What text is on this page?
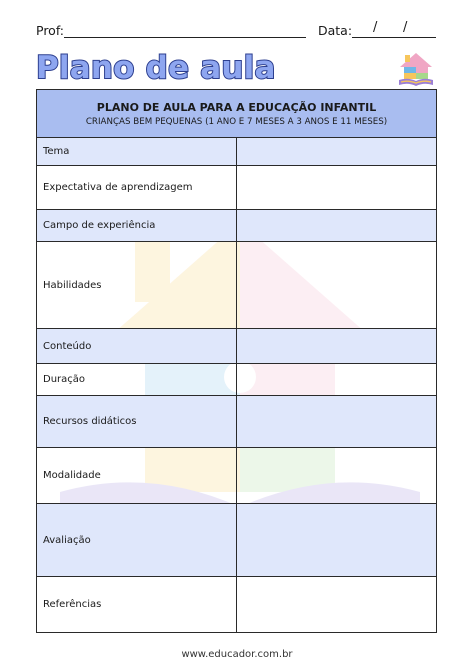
Prof:	Data: / /
Plano de aula
PLANO DE AULA PARA A EDUCAÇÃO INFANTIL
CRIANÇAS BEM PEQUENAS (1 ANO E 7 MESES A 3 ANOS E 11 MESES)	

Tema	
Expectativa de aprendizagem	
Campo de experiência	
Habilidades	
Conteúdo	
Duração	
Recursos didáticos	
Modalidade	
Avaliação	
Referências	
www.educador.com.br
